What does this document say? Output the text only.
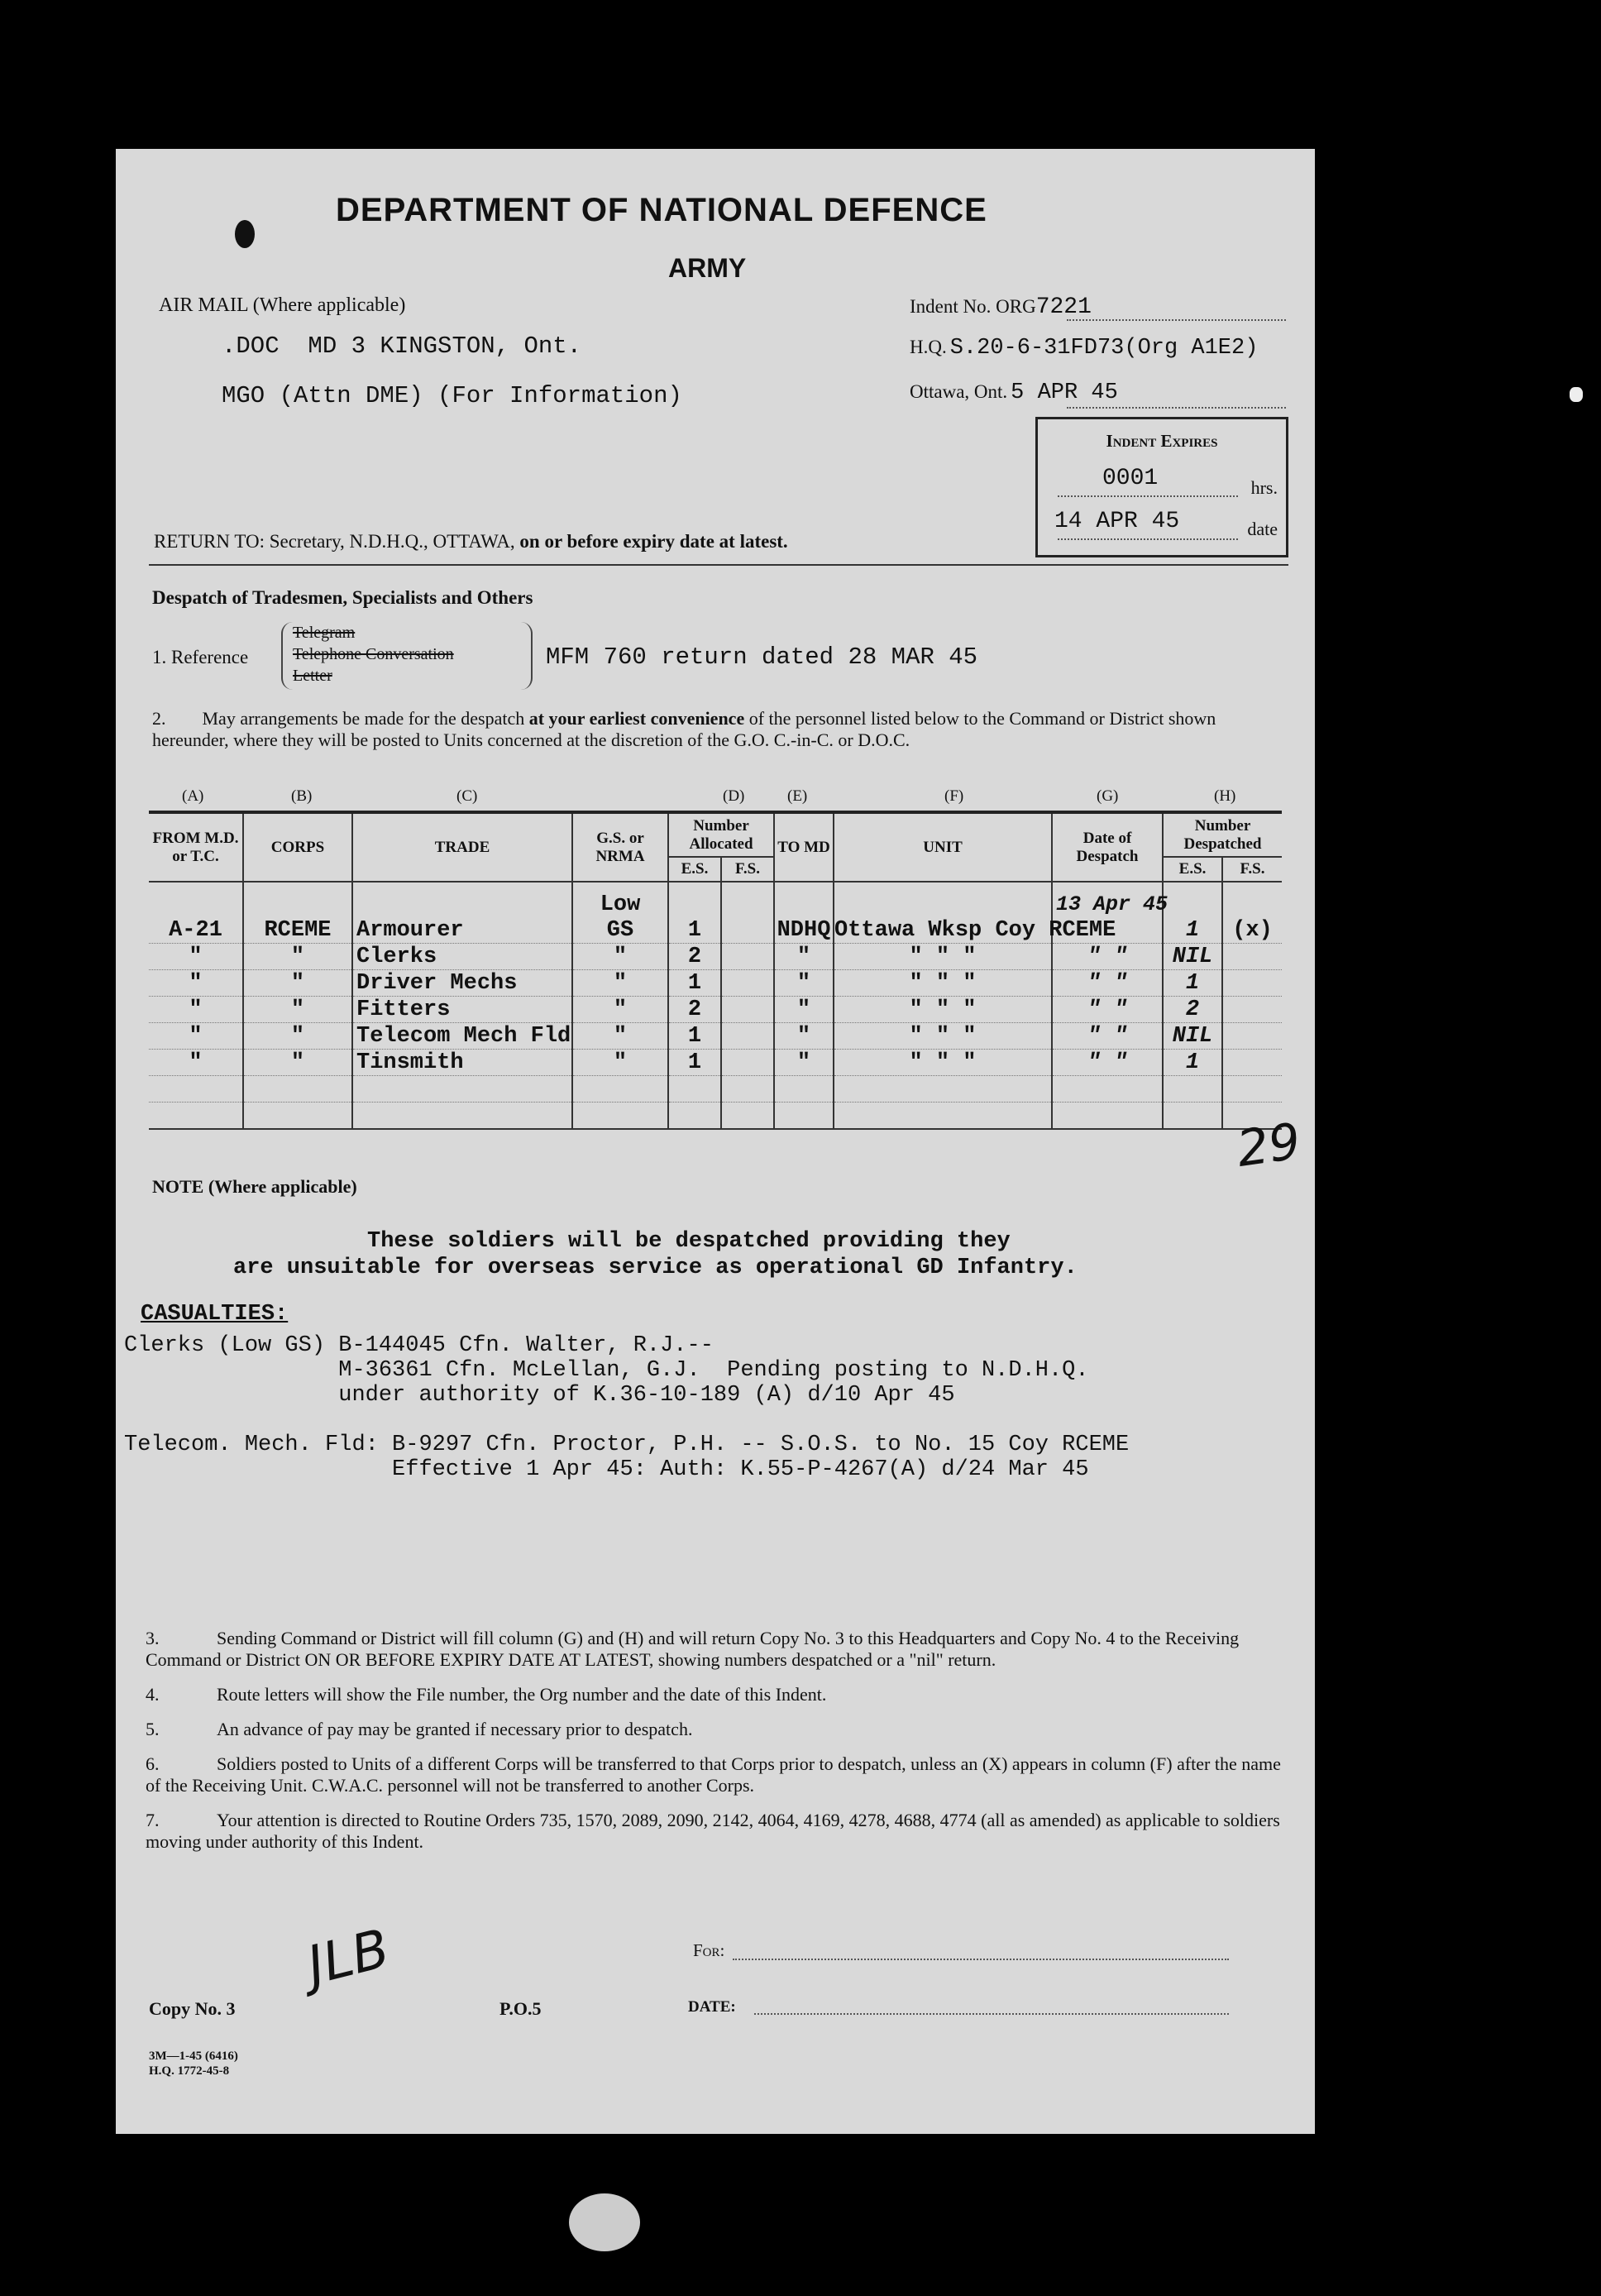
DEPARTMENT OF NATIONAL DEFENCE
ARMY
AIR MAIL (Where applicable)
.DOC  MD 3 KINGSTON, Ont.
MGO (Attn DME) (For Information)
Indent No. ORG7221
H.Q. S.20-6-31FD73(Org A1E2)
Ottawa, Ont. 5 APR 45
Indent Expires
0001	hrs.
14 APR 45	date
RETURN TO: Secretary, N.D.H.Q., OTTAWA, on or before expiry date at latest.
Despatch of Tradesmen, Specialists and Others
1. Reference
Telegram
Telephone Conversation
Letter
MFM 760 return dated 28 MAR 45
2. May arrangements be made for the despatch at your earliest convenience of the personnel listed below to the Command or District shown hereunder, where they will be posted to Units concerned at the discretion of the G.O. C.-in-C. or D.O.C.
(A)	(B)	(C)	(D)	(E)	(F)	(G)	(H)
FROM M.D. or T.C.	CORPS	TRADE	G.S. or NRMA	Number Allocated		TO MD	UNIT	Date of Despatch	Number Despatched	
				E.S.	F.S.				E.S.	F.S.

			Low					13 Apr 45		
A-21	RCEME	Armourer	GS	1		NDHQ	Ottawa Wksp Coy RCEME		1	(x)
"	"	Clerks	"	2		"	" " "	" "	NIL	
"	"	Driver Mechs	"	1		"	" " "	" "	1	
"	"	Fitters	"	2		"	" " "	" "	2	
"	"	Telecom Mech Fld	"	1		"	" " "	" "	NIL	
"	"	Tinsmith	"	1		"	" " "	" "	1	

29
NOTE (Where applicable)
These soldiers will be despatched providing they
are unsuitable for overseas service as operational GD Infantry.
CASUALTIES:
Clerks (Low GS) B-144045 Cfn. Walter, R.J.--
M-36361 Cfn. McLellan, G.J.  Pending posting to N.D.H.Q.
under authority of K.36-10-189 (A) d/10 Apr 45
Telecom. Mech. Fld: B-9297 Cfn. Proctor, P.H. -- S.O.S. to No. 15 Coy RCEME
Effective 1 Apr 45: Auth: K.55-P-4267(A) d/24 Mar 45
3.	Sending Command or District will fill column (G) and (H) and will return Copy No. 3 to this Headquarters and Copy No. 4 to the Receiving Command or District ON OR BEFORE EXPIRY DATE AT LATEST, showing numbers despatched or a "nil" return.
4.	Route letters will show the File number, the Org number and the date of this Indent.
5.	An advance of pay may be granted if necessary prior to despatch.
6.	Soldiers posted to Units of a different Corps will be transferred to that Corps prior to despatch, unless an (X) appears in column (F) after the name of the Receiving Unit. C.W.A.C. personnel will not be transferred to another Corps.
7.	Your attention is directed to Routine Orders 735, 1570, 2089, 2090, 2142, 4064, 4169, 4278, 4688, 4774 (all as amended) as applicable to soldiers moving under authority of this Indent.
For:
DATE:
Copy No. 3	P.O.5
JLB
3M—1-45 (6416)
H.Q. 1772-45-8
